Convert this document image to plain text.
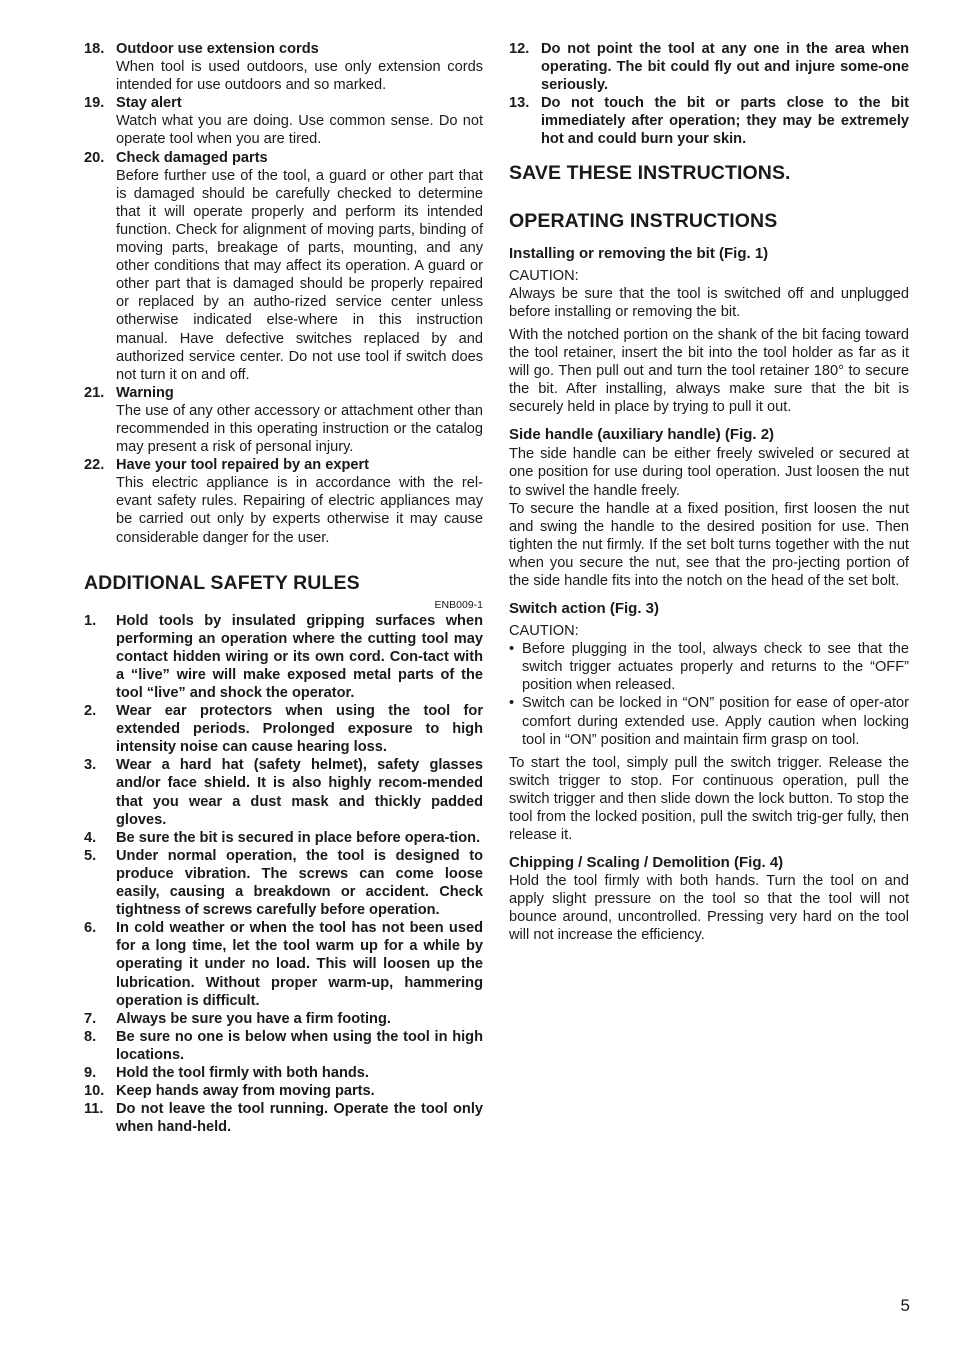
18. Outdoor use extension cords

When tool is used outdoors, use only extension cords intended for use outdoors and so marked.

19. Stay alert

Watch what you are doing. Use common sense. Do not operate tool when you are tired.

20. Check damaged parts

Before further use of the tool, a guard or other part that is damaged should be carefully checked to determine that it will operate properly and perform its intended function. Check for alignment of moving parts, binding of moving parts, breakage of parts, mounting, and any other conditions that may affect its operation. A guard or other part that is damaged should be properly repaired or replaced by an autho-rized service center unless otherwise indicated else-where in this instruction manual. Have defective switches replaced by and authorized service center. Do not use tool if switch does not turn it on and off.

21. Warning

The use of any other accessory or attachment other than recommended in this operating instruction or the catalog may present a risk of personal injury.

22. Have your tool repaired by an expert

This electric appliance is in accordance with the rel-evant safety rules. Repairing of electric appliances may be carried out only by experts otherwise it may cause considerable danger for the user.

ADDITIONAL SAFETY RULES

ENB009-1

1.	Hold tools by insulated gripping surfaces when performing an operation where the cutting tool may contact hidden wiring or its own cord. Con-tact with a “live” wire will make exposed metal parts of the tool “live” and shock the operator.
2.	Wear ear protectors when using the tool for extended periods. Prolonged exposure to high intensity noise can cause hearing loss.
3.	Wear a hard hat (safety helmet), safety glasses and/or face shield. It is also highly recom-mended that you wear a dust mask and thickly padded gloves.
4.	Be sure the bit is secured in place before opera-tion.
5.	Under normal operation, the tool is designed to produce vibration. The screws can come loose easily, causing a breakdown or accident. Check tightness of screws carefully before operation.
6.	In cold weather or when the tool has not been used for a long time, let the tool warm up for a while by operating it under no load. This will loosen up the lubrication. Without proper warm-up, hammering operation is difficult.
7.	Always be sure you have a firm footing.
8.	Be sure no one is below when using the tool in high locations.
9.	Hold the tool firmly with both hands.
10. Keep hands away from moving parts.
11. Do not leave the tool running. Operate the tool only when hand-held.
12. Do not point the tool at any one in the area when operating. The bit could fly out and injure some-one seriously.
13. Do not touch the bit or parts close to the bit immediately after operation; they may be extremely hot and could burn your skin.
SAVE THESE INSTRUCTIONS.
OPERATING INSTRUCTIONS
Installing or removing the bit (Fig. 1)

CAUTION:

Always be sure that the tool is switched off and unplugged before installing or removing the bit.

With the notched portion on the shank of the bit facing toward the tool retainer, insert the bit into the tool holder as far as it will go. Then pull out and turn the tool retainer 180° to secure the bit. After installing, always make sure that the bit is securely held in place by trying to pull it out.

Side handle (auxiliary handle) (Fig. 2)

The side handle can be either freely swiveled or secured at one position for use during tool operation. Just loosen the nut to swivel the handle freely.

To secure the handle at a fixed position, first loosen the nut and swing the handle to the desired position for use. Then tighten the nut firmly. If the set bolt turns together with the nut when you secure the nut, see that the pro-jecting portion of the side handle fits into the notch on the head of the set bolt.

Switch action (Fig. 3)

CAUTION:

• Before plugging in the tool, always check to see that the switch trigger actuates properly and returns to the “OFF” position when released.
• Switch can be locked in “ON” position for ease of oper-ator comfort during extended use. Apply caution when locking tool in “ON” position and maintain firm grasp on tool.

To start the tool, simply pull the switch trigger. Release the switch trigger to stop. For continuous operation, pull the switch trigger and then slide down the lock button. To stop the tool from the locked position, pull the switch trig-ger fully, then release it.

Chipping / Scaling / Demolition (Fig. 4)

Hold the tool firmly with both hands. Turn the tool on and apply slight pressure on the tool so that the tool will not bounce around, uncontrolled. Pressing very hard on the tool will not increase the efficiency.

5
